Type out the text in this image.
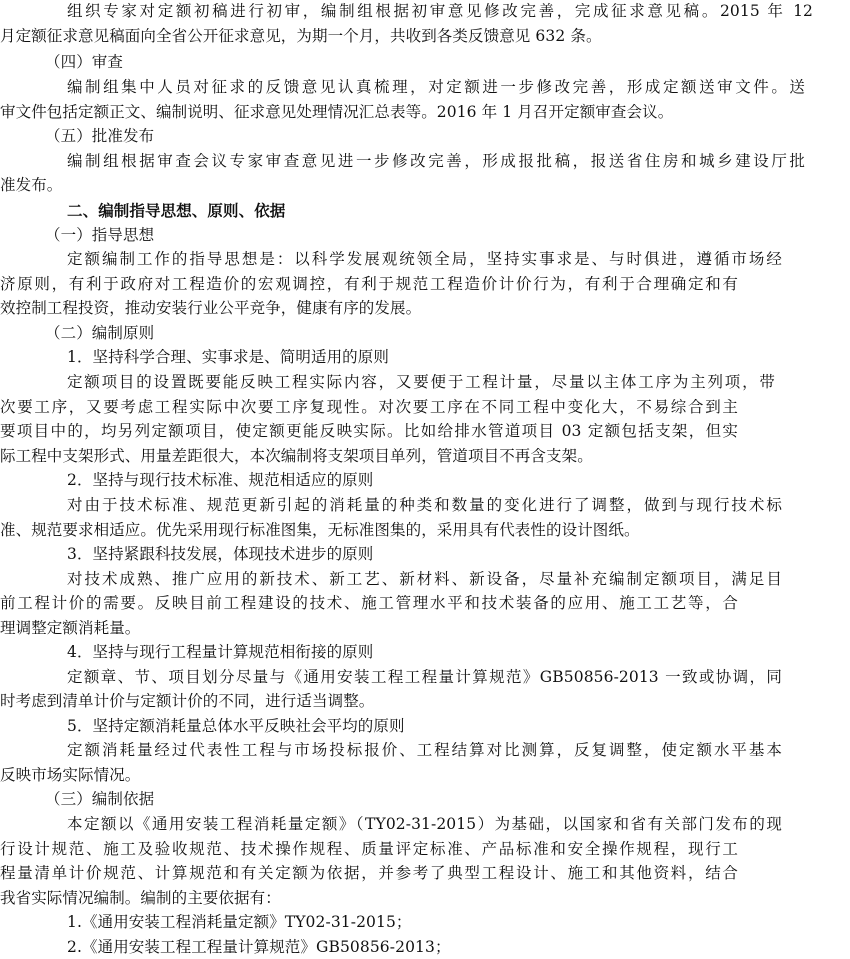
组织专家对定额初稿进行初审，编制组根据初审意见修改完善，完成征求意见稿。2015 年 12
月定额征求意见稿面向全省公开征求意见，为期一个月，共收到各类反馈意见 632 条。
（四）审查
编制组集中人员对征求的反馈意见认真梳理，对定额进一步修改完善，形成定额送审文件。送
审文件包括定额正文、编制说明、征求意见处理情况汇总表等。2016 年 1 月召开定额审查会议。
（五）批准发布
编制组根据审查会议专家审查意见进一步修改完善，形成报批稿，报送省住房和城乡建设厅批
准发布。
二、编制指导思想、原则、依据
（一）指导思想
定额编制工作的指导思想是：以科学发展观统领全局，坚持实事求是、与时俱进，遵循市场经
济原则，有利于政府对工程造价的宏观调控，有利于规范工程造价计价行为，有利于合理确定和有
效控制工程投资，推动安装行业公平竞争，健康有序的发展。
（二）编制原则
1．坚持科学合理、实事求是、简明适用的原则
定额项目的设置既要能反映工程实际内容，又要便于工程计量，尽量以主体工序为主列项，带
次要工序，又要考虑工程实际中次要工序复现性。对次要工序在不同工程中变化大，不易综合到主
要项目中的，均另列定额项目，使定额更能反映实际。比如给排水管道项目 03 定额包括支架，但实
际工程中支架形式、用量差距很大，本次编制将支架项目单列，管道项目不再含支架。
2．坚持与现行技术标准、规范相适应的原则
对由于技术标准、规范更新引起的消耗量的种类和数量的变化进行了调整，做到与现行技术标
准、规范要求相适应。优先采用现行标准图集，无标准图集的，采用具有代表性的设计图纸。
3．坚持紧跟科技发展，体现技术进步的原则
对技术成熟、推广应用的新技术、新工艺、新材料、新设备，尽量补充编制定额项目，满足目
前工程计价的需要。反映目前工程建设的技术、施工管理水平和技术装备的应用、施工工艺等，合
理调整定额消耗量。
4．坚持与现行工程量计算规范相衔接的原则
定额章、节、项目划分尽量与《通用安装工程工程量计算规范》GB50856-2013 一致或协调，同
时考虑到清单计价与定额计价的不同，进行适当调整。
5．坚持定额消耗量总体水平反映社会平均的原则
定额消耗量经过代表性工程与市场投标报价、工程结算对比测算，反复调整，使定额水平基本
反映市场实际情况。
（三）编制依据
本定额以《通用安装工程消耗量定额》（TY02-31-2015）为基础，以国家和省有关部门发布的现
行设计规范、施工及验收规范、技术操作规程、质量评定标准、产品标准和安全操作规程，现行工
程量清单计价规范、计算规范和有关定额为依据，并参考了典型工程设计、施工和其他资料，结合
我省实际情况编制。编制的主要依据有：
1.《通用安装工程消耗量定额》TY02-31-2015；
2.《通用安装工程工程量计算规范》GB50856-2013；
